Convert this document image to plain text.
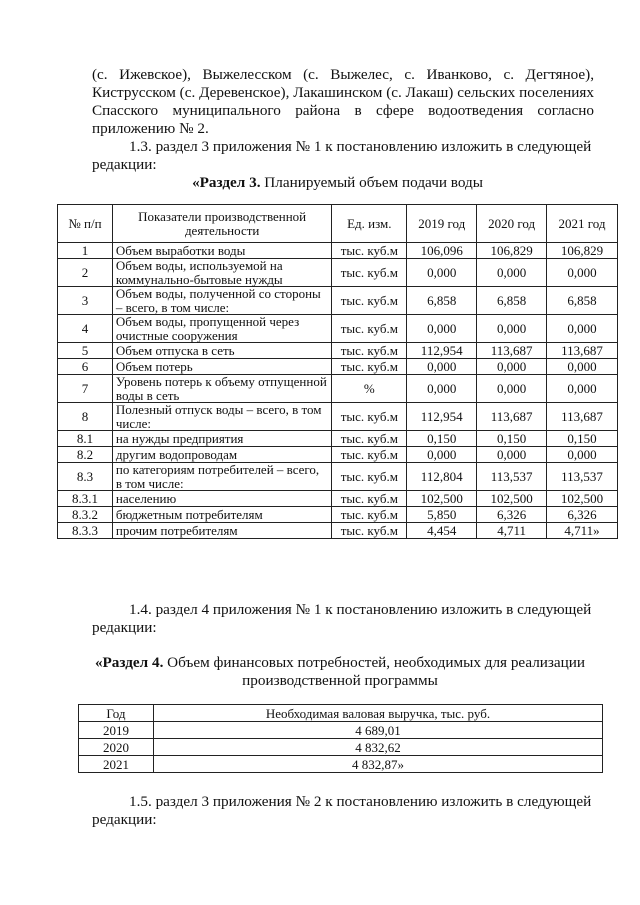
(с. Ижевское), Выжелесском (с. Выжелес, с. Иванково, с. Дегтяное),
Киструсском (с. Деревенское), Лакашинском (с. Лакаш) сельских поселениях
Спасского муниципального района в сфере водоотведения согласно
приложению № 2.
1.3. раздел 3 приложения № 1 к постановлению изложить в следующей
редакции:
«Раздел 3. Планируемый объем подачи воды
№ п/п	Показатели производственной деятельности	Ед. изм.	2019 год	2020 год	2021 год
1	Объем выработки воды	тыс. куб.м	106,096	106,829	106,829
2	Объем воды, используемой на коммунально-бытовые нужды	тыс. куб.м	0,000	0,000	0,000
3	Объем воды, полученной со стороны – всего, в том числе:	тыс. куб.м	6,858	6,858	6,858
4	Объем воды, пропущенной через очистные сооружения	тыс. куб.м	0,000	0,000	0,000
5	Объем отпуска в сеть	тыс. куб.м	112,954	113,687	113,687
6	Объем потерь	тыс. куб.м	0,000	0,000	0,000
7	Уровень потерь к объему отпущенной воды в сеть	%	0,000	0,000	0,000
8	Полезный отпуск воды – всего, в том числе:	тыс. куб.м	112,954	113,687	113,687
8.1	на нужды предприятия	тыс. куб.м	0,150	0,150	0,150
8.2	другим водопроводам	тыс. куб.м	0,000	0,000	0,000
8.3	по категориям потребителей – всего, в том числе:	тыс. куб.м	112,804	113,537	113,537
8.3.1	населению	тыс. куб.м	102,500	102,500	102,500
8.3.2	бюджетным потребителям	тыс. куб.м	5,850	6,326	6,326
8.3.3	прочим потребителям	тыс. куб.м	4,454	4,711	4,711»
1.4. раздел 4 приложения № 1 к постановлению изложить в следующей
редакции:
«Раздел 4. Объем финансовых потребностей, необходимых для реализации
производственной программы
Год	Необходимая валовая выручка, тыс. руб.
2019	4 689,01
2020	4 832,62
2021	4 832,87»
1.5. раздел 3 приложения № 2 к постановлению изложить в следующей
редакции:
